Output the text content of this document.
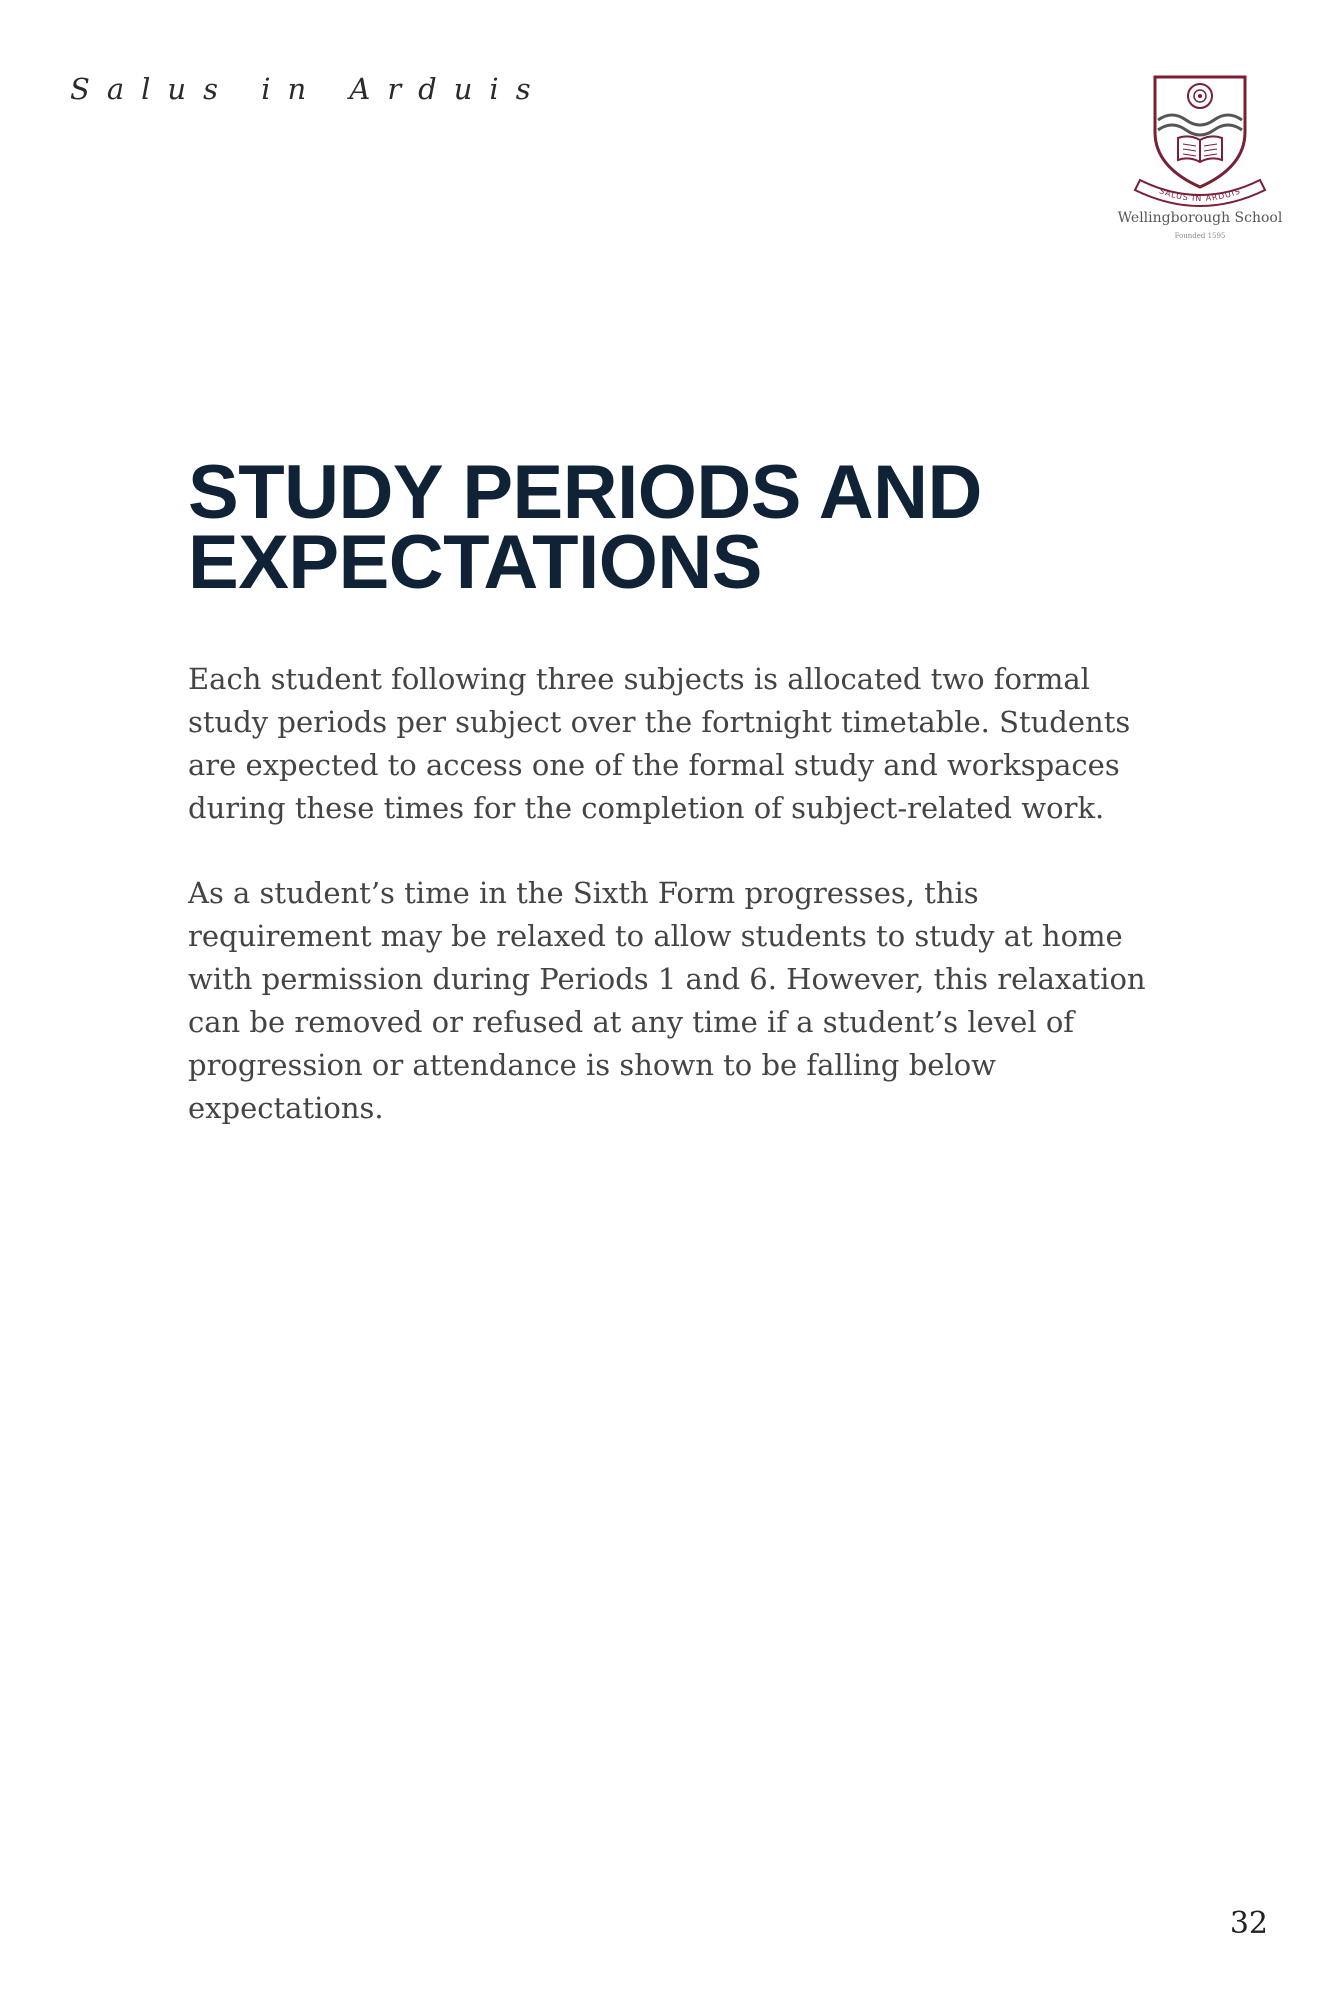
Salus in Arduis
SALUS IN ARDUIS
Wellingborough School
Founded 1595
STUDY PERIODS AND EXPECTATIONS

Each student following three subjects is allocated two formal study periods per subject over the fortnight timetable. Students are expected to access one of the formal study and workspaces during these times for the completion of subject-related work.

As a student’s time in the Sixth Form progresses, this requirement may be relaxed to allow students to study at home with permission during Periods 1 and 6. However, this relaxation can be removed or refused at any time if a student’s level of progression or attendance is shown to be falling below expectations.

32
